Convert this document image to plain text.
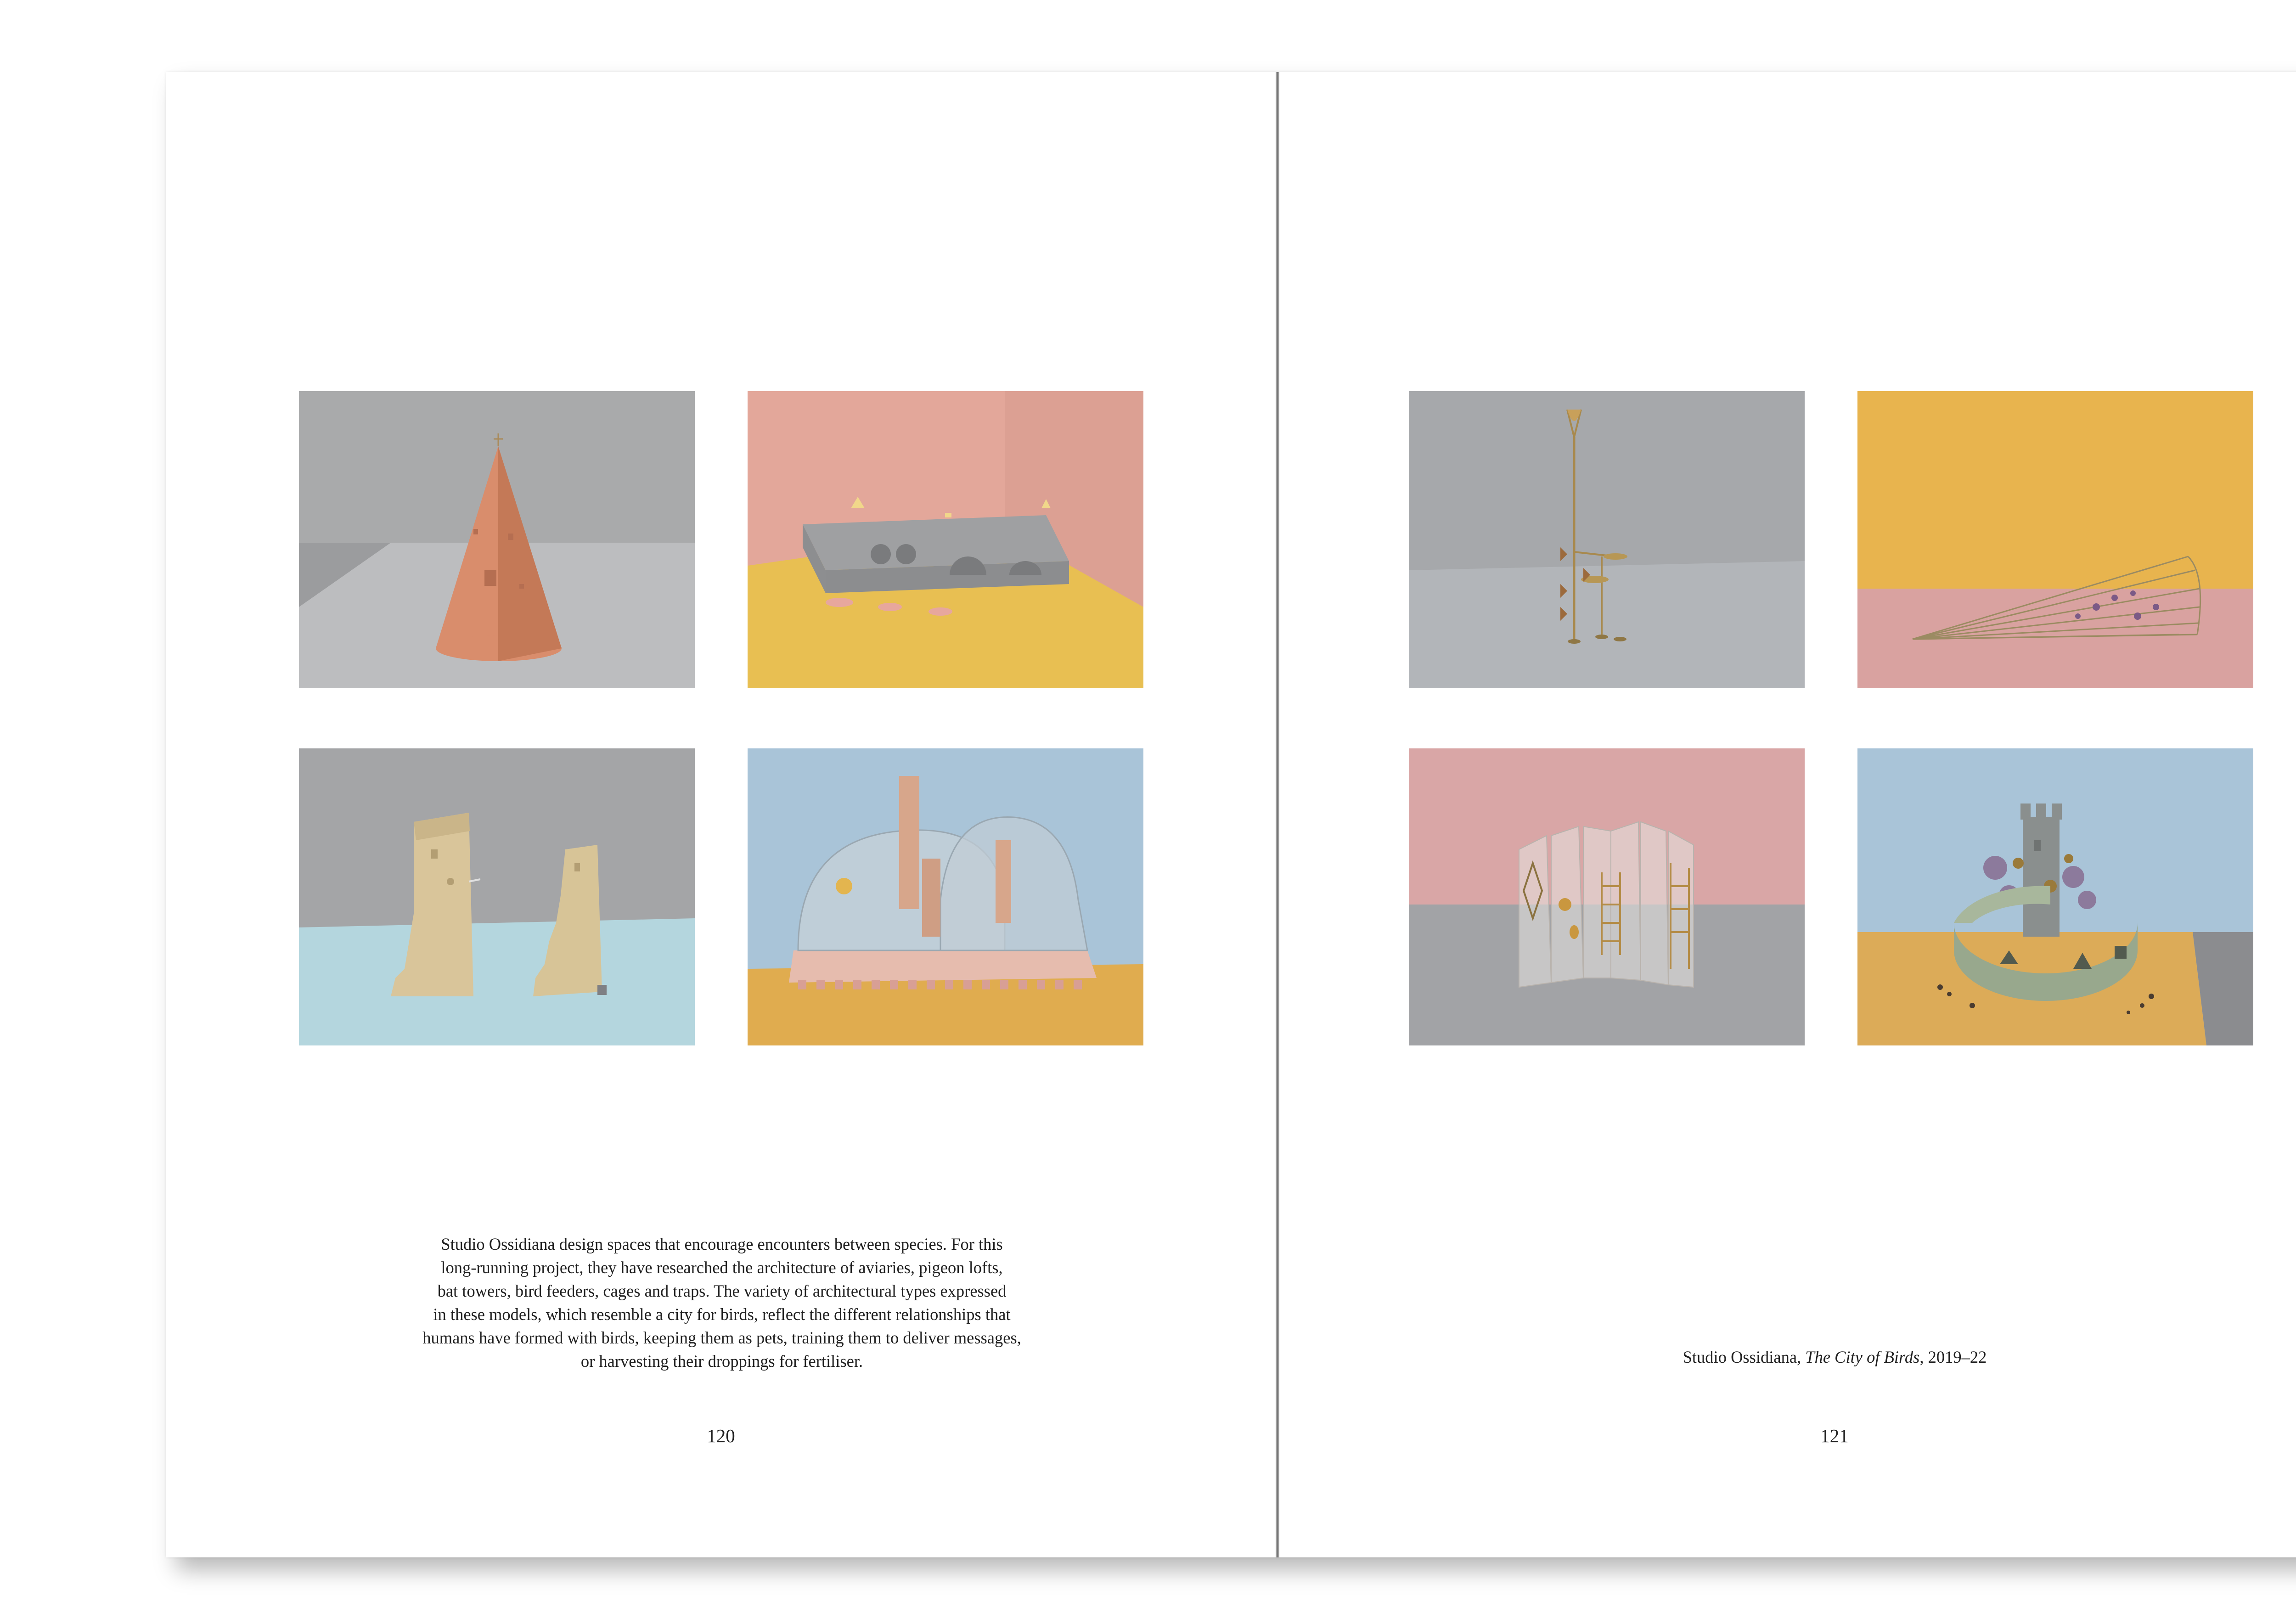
Studio Ossidiana design spaces that encourage encounters between species. For this
long-running project, they have researched the architecture of aviaries, pigeon lofts,
bat towers, bird feeders, cages and traps. The variety of architectural types expressed
in these models, which resemble a city for birds, reflect the different relationships that
humans have formed with birds, keeping them as pets, training them to deliver messages,
or harvesting their droppings for fertiliser.
120
Studio Ossidiana, The City of Birds, 2019–22
121
